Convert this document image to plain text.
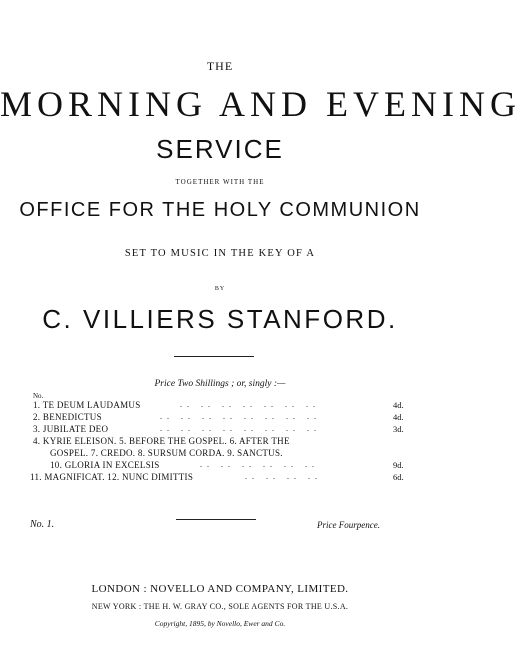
THE
MORNING AND EVENING
SERVICE
TOGETHER WITH THE
OFFICE FOR THE HOLY COMMUNION
SET TO MUSIC IN THE KEY OF A
BY
C. VILLIERS STANFORD.
Price Two Shillings ; or, singly :—
No.
1. TE DEUM LAUDAMUS	.. .. .. .. .. .. ..	4d.
2. BENEDICTUS	.. .. .. .. .. .. .. ..	4d.
3. JUBILATE DEO	.. .. .. .. .. .. .. ..	3d.
4. KYRIE ELEISON. 5. BEFORE THE GOSPEL. 6. AFTER THE
GOSPEL. 7. CREDO. 8. SURSUM CORDA. 9. SANCTUS.
10. GLORIA IN EXCELSIS	.. .. .. .. .. ..	9d.
11. MAGNIFICAT. 12. NUNC DIMITTIS	.. .. .. ..	6d.
No. 1.	Price Fourpence.
LONDON : NOVELLO AND COMPANY, LIMITED.
NEW YORK : THE H. W. GRAY CO., SOLE AGENTS FOR THE U.S.A.
Copyright, 1895, by Novello, Ewer and Co.
